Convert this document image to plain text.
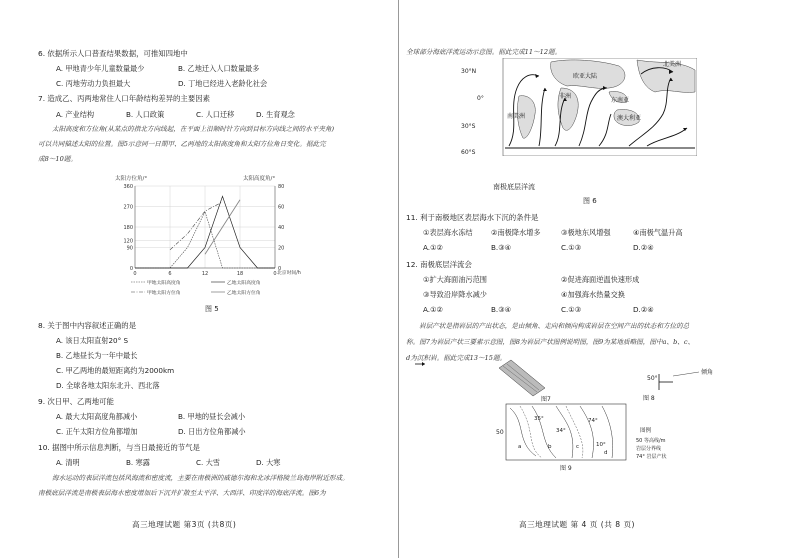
6. 依据所示人口普查结果数据，可推知四地中
A. 甲地青少年儿童数量最少	B. 乙地迁入人口数量最多
C. 丙地劳动力负担最大	D. 丁地已经进入老龄化社会
7. 造成乙、丙两地常住人口年龄结构差异的主要因素
A. 产业结构	B. 人口政策	C. 人口迁移	D. 生育观念
太阳高度和方位角(从某点的指北方向线起，在平面上沿顺时针方向到目标方向线之间的水平夹角)
可以共同描述太阳的位置。图5示意同一日期甲、乙两地的太阳高度角和太阳方位角日变化。据此完
成8～10题。
太阳方位角/°	太阳高度角/°
360
270
180
120
90
0
80
60
40
20
0
0	6	12	18	0 北京时间/h
甲地太阳高度角
甲地太阳方位角
乙地太阳高度角
乙地太阳方位角
图 5
8. 关于图中内容叙述正确的是
A. 该日太阳直射20° S
B. 乙地昼长为一年中最长
C. 甲乙两地的最短距离约为2000km
D. 全球各地太阳东北升、西北落
9. 次日甲、乙两地可能
A. 最大太阳高度角都减小	B. 甲地的昼长会减小
C. 正午太阳方位角都增加	D. 日出方位角都减小
10. 据图中所示信息判断，与当日最接近的节气是
A. 清明	B. 寒露	C. 大雪	D. 大寒
海水运动的表层洋流包括风海流和密度流，主要在南极洲的威德尔海和北冰洋格陵兰岛海岸附近形成。
南极底层洋流是南极表层海水密度增加后下沉并扩散至太平洋、大西洋、印度洋的海底洋流。图6为
高三地理试题 第3页 (共8页)
全球部分海底洋流运动示意图。据此完成11～12题。
30°N
0°
30°S
60°S
北美洲
欧亚大陆
非洲
东南亚
南美洲	澳大利亚
南极底层洋流
图 6
11. 利于南极地区表层海水下沉的条件是
①表层海水冻结	②南极降水增多	③极地东风增强	④南极气温升高
A.①②	B.③④	C.①③	D.②④
12. 南极底层洋流会
①扩大海面油污范围	②促进海面逆温快速形成
③导致沿岸降水减少	④加强海水热量交换
A.①②	B.③④	C.①③	D.②④
岩层产状是指岩层的产出状态，是由倾角、走向和倾向构成岩层在空间产出的状态和方位的总
称。图7为岩层产状三要素示意图，图8为岩层产状图例说明图，图9为某地质略图，图中a、b、c、
d为沉积岩。据此完成13～15题。
图7
50°
倾角
图 8
50
35°
34°
74°
10°
a	b	c
d
图例
50 等高线/m
岩层分界线
74° 岩层产状
图 9
高三地理试题 第 4 页 (共 8 页)
